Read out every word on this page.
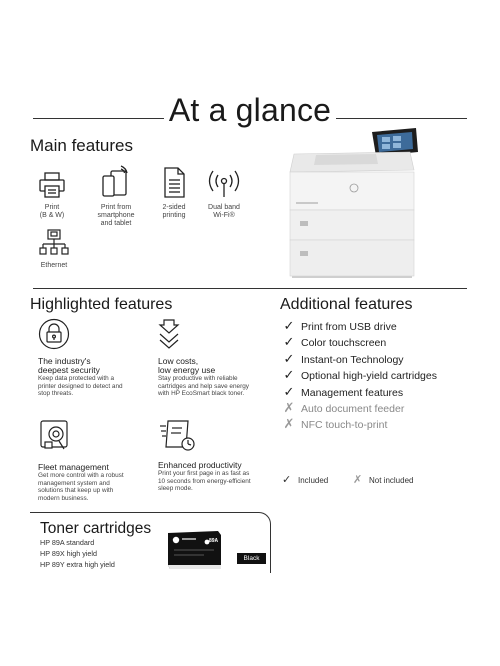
At a glance
Main features
Print
(B & W)
Print from
smartphone
and tablet
2-sided
printing
Dual band
Wi-Fi®
Ethernet
Highlighted features
The industry's
deepest security
Keep data protected with a
printer designed to detect and
stop threats.
Low costs,
low energy use
Stay productive with reliable
cartridges and help save energy
with HP EcoSmart black toner.
Fleet management
Get more control with a robust
management system and
solutions that keep up with
modern business.
Enhanced productivity
Print your first page in as fast as
10 seconds from energy-efficient
sleep mode.
Additional features
✓ Print from USB drive
✓ Color touchscreen
✓ Instant-on Technology
✓ Optional high-yield cartridges
✓ Management features
✗ Auto document feeder
✗ NFC touch-to-print
✓ Included ✗ Not included
Toner cartridges
HP 89A standard
HP 89X high yield
HP 89Y extra high yield
89A
Black
